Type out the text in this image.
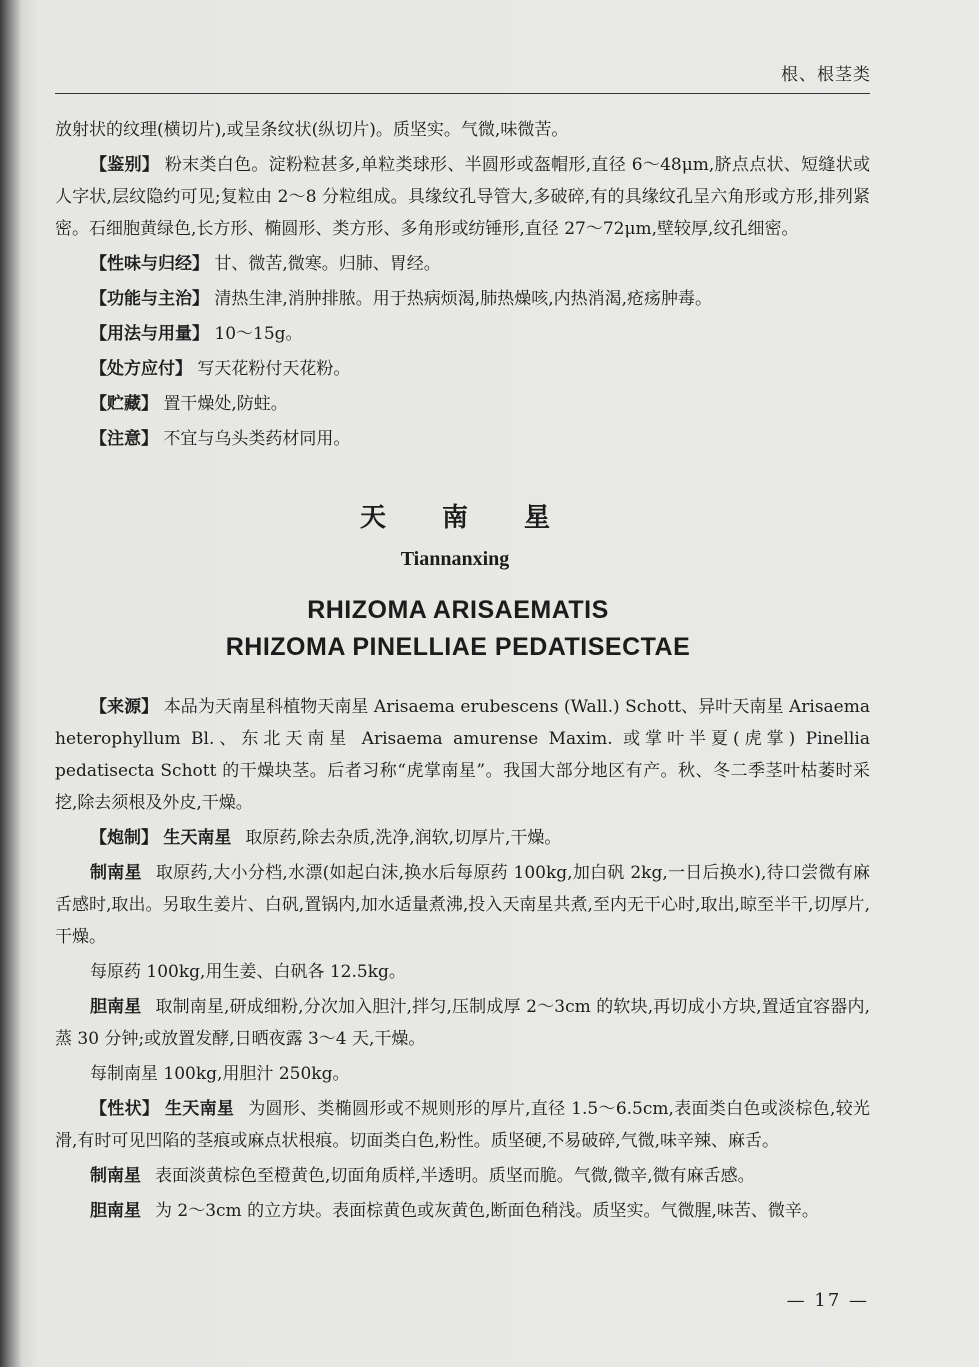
根、根茎类

放射状的纹理(横切片),或呈条纹状(纵切片)。质坚实。气微,味微苦。

【鉴别】 粉末类白色。淀粉粒甚多,单粒类球形、半圆形或盔帽形,直径 6～48μm,脐点点状、短缝状或人字状,层纹隐约可见;复粒由 2～8 分粒组成。具缘纹孔导管大,多破碎,有的具缘纹孔呈六角形或方形,排列紧密。石细胞黄绿色,长方形、椭圆形、类方形、多角形或纺锤形,直径 27～72μm,壁较厚,纹孔细密。

【性味与归经】 甘、微苦,微寒。归肺、胃经。

【功能与主治】 清热生津,消肿排脓。用于热病烦渴,肺热燥咳,内热消渴,疮疡肿毒。

【用法与用量】 10～15g。

【处方应付】 写天花粉付天花粉。

【贮藏】 置干燥处,防蛀。

【注意】 不宜与乌头类药材同用。

天南星
Tiannanxing
RHIZOMA ARISAEMATIS
RHIZOMA PINELLIAE PEDATISECTAE

【来源】 本品为天南星科植物天南星 Arisaema erubescens (Wall.) Schott、异叶天南星 Arisaema heterophyllum Bl.、东北天南星 Arisaema amurense Maxim. 或掌叶半夏(虎掌) Pinellia pedatisecta Schott 的干燥块茎。后者习称“虎掌南星”。我国大部分地区有产。秋、冬二季茎叶枯萎时采挖,除去须根及外皮,干燥。

【炮制】 生天南星 取原药,除去杂质,洗净,润软,切厚片,干燥。

制南星 取原药,大小分档,水漂(如起白沫,换水后每原药 100kg,加白矾 2kg,一日后换水),待口尝微有麻舌感时,取出。另取生姜片、白矾,置锅内,加水适量煮沸,投入天南星共煮,至内无干心时,取出,晾至半干,切厚片,干燥。

每原药 100kg,用生姜、白矾各 12.5kg。

胆南星 取制南星,研成细粉,分次加入胆汁,拌匀,压制成厚 2～3cm 的软块,再切成小方块,置适宜容器内,蒸 30 分钟;或放置发酵,日晒夜露 3～4 天,干燥。

每制南星 100kg,用胆汁 250kg。

【性状】 生天南星 为圆形、类椭圆形或不规则形的厚片,直径 1.5～6.5cm,表面类白色或淡棕色,较光滑,有时可见凹陷的茎痕或麻点状根痕。切面类白色,粉性。质坚硬,不易破碎,气微,味辛辣、麻舌。

制南星 表面淡黄棕色至橙黄色,切面角质样,半透明。质坚而脆。气微,微辛,微有麻舌感。

胆南星 为 2～3cm 的立方块。表面棕黄色或灰黄色,断面色稍浅。质坚实。气微腥,味苦、微辛。

— 17 —
